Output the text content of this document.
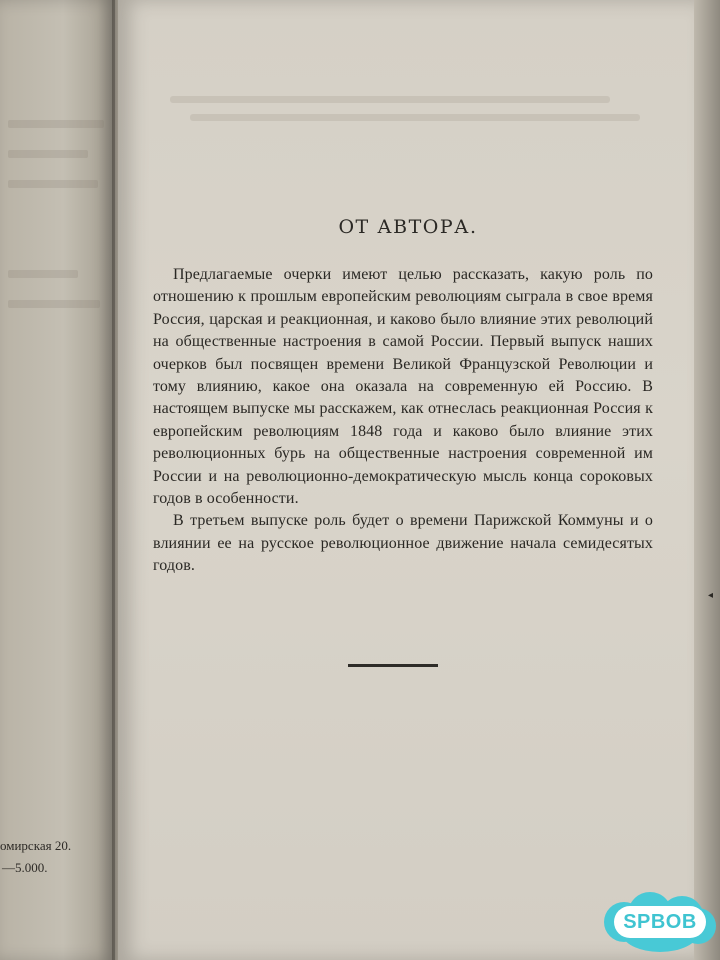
ОТ АВТОРА.

Предлагаемые очерки имеют целью рассказать, какую роль по отношению к прошлым европейским революциям сыграла в свое время Россия, царская и реакционная, и каково было влияние этих революций на общественные настроения в самой России. Первый выпуск наших очерков был посвящен времени Великой Французской Революции и тому влиянию, какое она оказала на современную ей Россию. В настоящем выпуске мы расскажем, как отнеслась реакционная Россия к европейским революциям 1848 года и каково было влияние этих революционных бурь на общественные настроения современной им России и на революционно-демократическую мысль конца сороковых годов в особенности.

В третьем выпуске роль будет о времени Парижской Коммуны и о влиянии ее на русское революционное движение начала семидесятых годов.

омирская 20.
—5.000.
◂
SPBOB
